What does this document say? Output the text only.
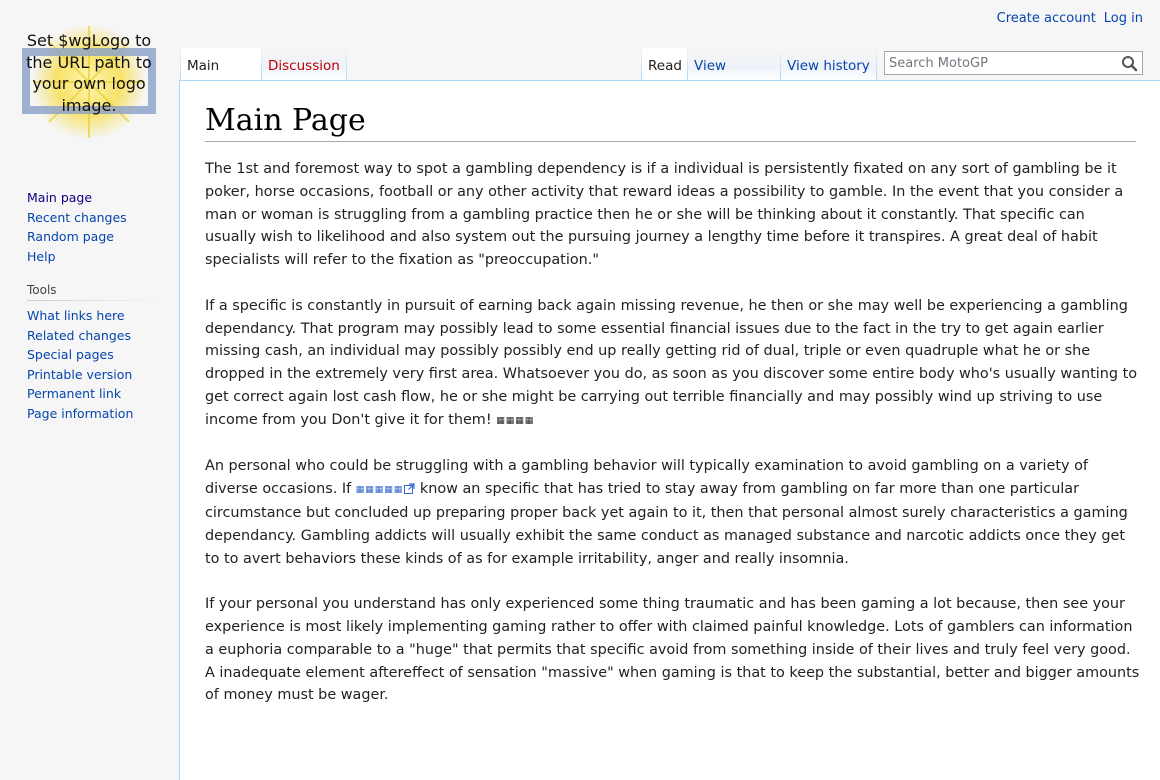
Set $wgLogo to the URL path to your own logo image.
Create account Log in
Main	Discussion	Read View	View history
Search MotoGP
Main page
Recent changes
Random page
Help
Tools
What links here
Related changes
Special pages
Printable version
Permanent link
Page information
Main Page

The 1st and foremost way to spot a gambling dependency is if a individual is persistently fixated on any sort of gambling be it poker, horse occasions, football or any other activity that reward ideas a possibility to gamble. In the event that you consider a man or woman is struggling from a gambling practice then he or she will be thinking about it constantly. That specific can usually wish to likelihood and also system out the pursuing journey a lengthy time before it transpires. A great deal of habit specialists will refer to the fixation as "preoccupation."

If a specific is constantly in pursuit of earning back again missing revenue, he then or she may well be experiencing a gambling dependancy. That program may possibly lead to some essential financial issues due to the fact in the try to get again earlier missing cash, an individual may possibly possibly end up really getting rid of dual, triple or even quadruple what he or she dropped in the extremely very first area. Whatsoever you do, as soon as you discover some entire body who's usually wanting to get correct again lost cash flow, he or she might be carrying out terrible financially and may possibly wind up striving to use income from you Don't give it for them! ▦▦▦▦

An personal who could be struggling with a gambling behavior will typically examination to avoid gambling on a variety of diverse occasions. If ▦▦▦▦▦ know an specific that has tried to stay away from gambling on far more than one particular circumstance but concluded up preparing proper back yet again to it, then that personal almost surely characteristics a gaming dependancy. Gambling addicts will usually exhibit the same conduct as managed substance and narcotic addicts once they get to to avert behaviors these kinds of as for example irritability, anger and really insomnia.

If your personal you understand has only experienced some thing traumatic and has been gaming a lot because, then see your experience is most likely implementing gaming rather to offer with claimed painful knowledge. Lots of gamblers can information a euphoria comparable to a "huge" that permits that specific avoid from something inside of their lives and truly feel very good. A inadequate element aftereffect of sensation "massive" when gaming is that to keep the substantial, better and bigger amounts of money must be wager.
